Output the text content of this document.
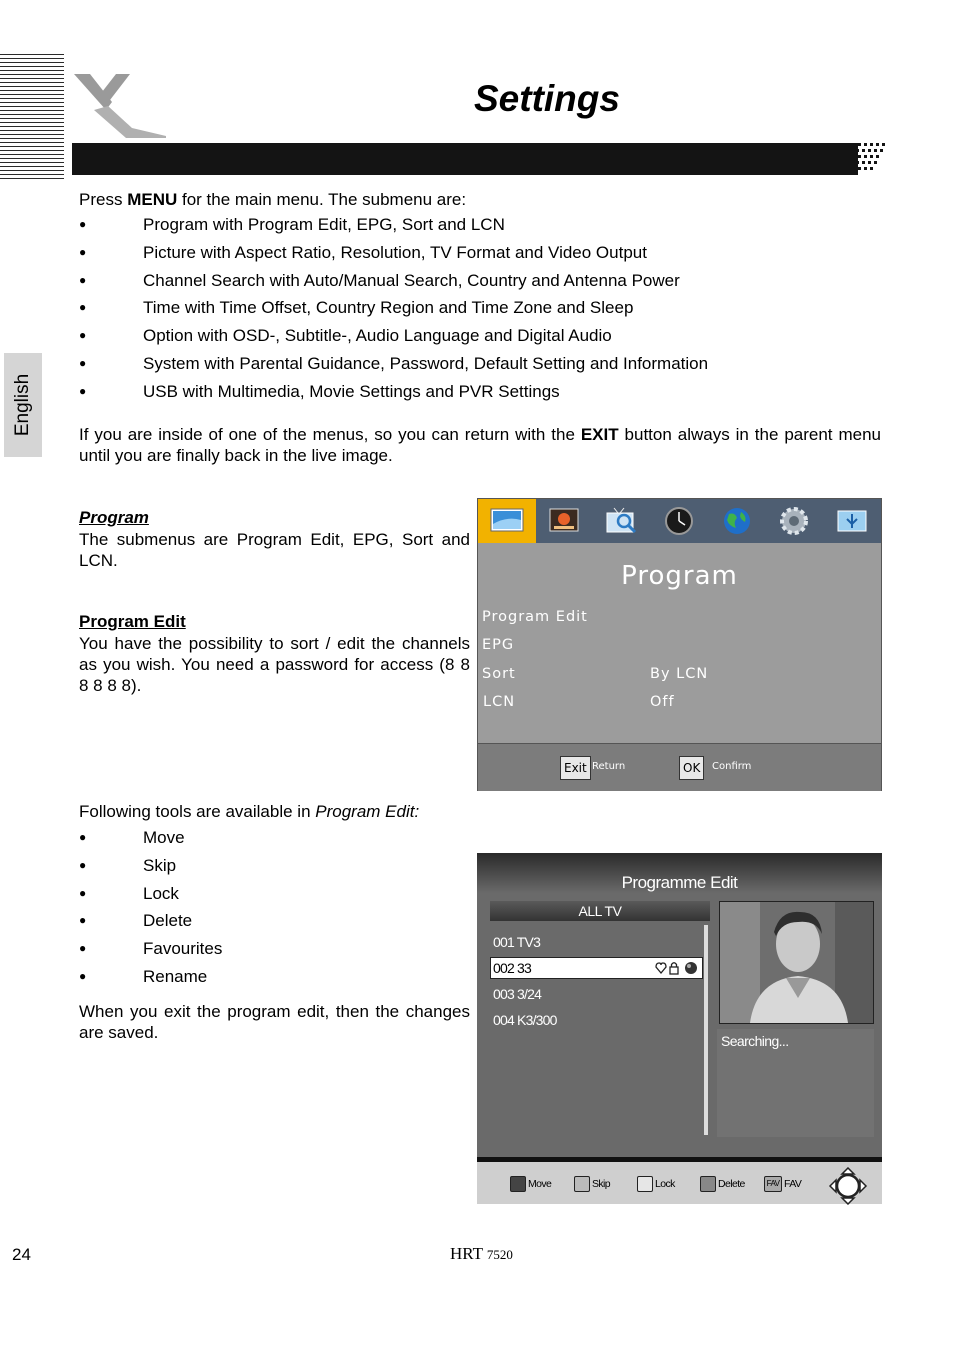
Settings
English
Press MENU for the main menu. The submenu are:
● Program with Program Edit, EPG, Sort and LCN
● Picture with Aspect Ratio, Resolution, TV Format and Video Output
● Channel Search with Auto/Manual Search, Country and Antenna Power
● Time with Time Offset, Country Region and Time Zone and Sleep
● Option with OSD-, Subtitle-, Audio Language and Digital Audio
● System with Parental Guidance, Password, Default Setting and Information
● USB with Multimedia, Movie Settings and PVR Settings
If you are inside of one of the menus, so you can return with the EXIT button always in the parent menu until you are finally back in the live image.
Program
The submenus are Program Edit, EPG, Sort and LCN.
Program Edit
You have the possibility to sort / edit the channels as you wish. You need a password for access (8 8 8 8 8 8).
Program
Program Edit
EPG
Sort	By LCN
LCN	Off
Exit Return	OK	Confirm
Following tools are available in Program Edit:
● Move
● Skip
● Lock
● Delete
● Favourites
● Rename
When you exit the program edit, then the changes are saved.
Programme Edit
ALL TV
001 TV3
002 33
003 3/24
004 K3/300
Searching...
Move	Skip	Lock	Delete	FAV FAV
24	HRT 7520
